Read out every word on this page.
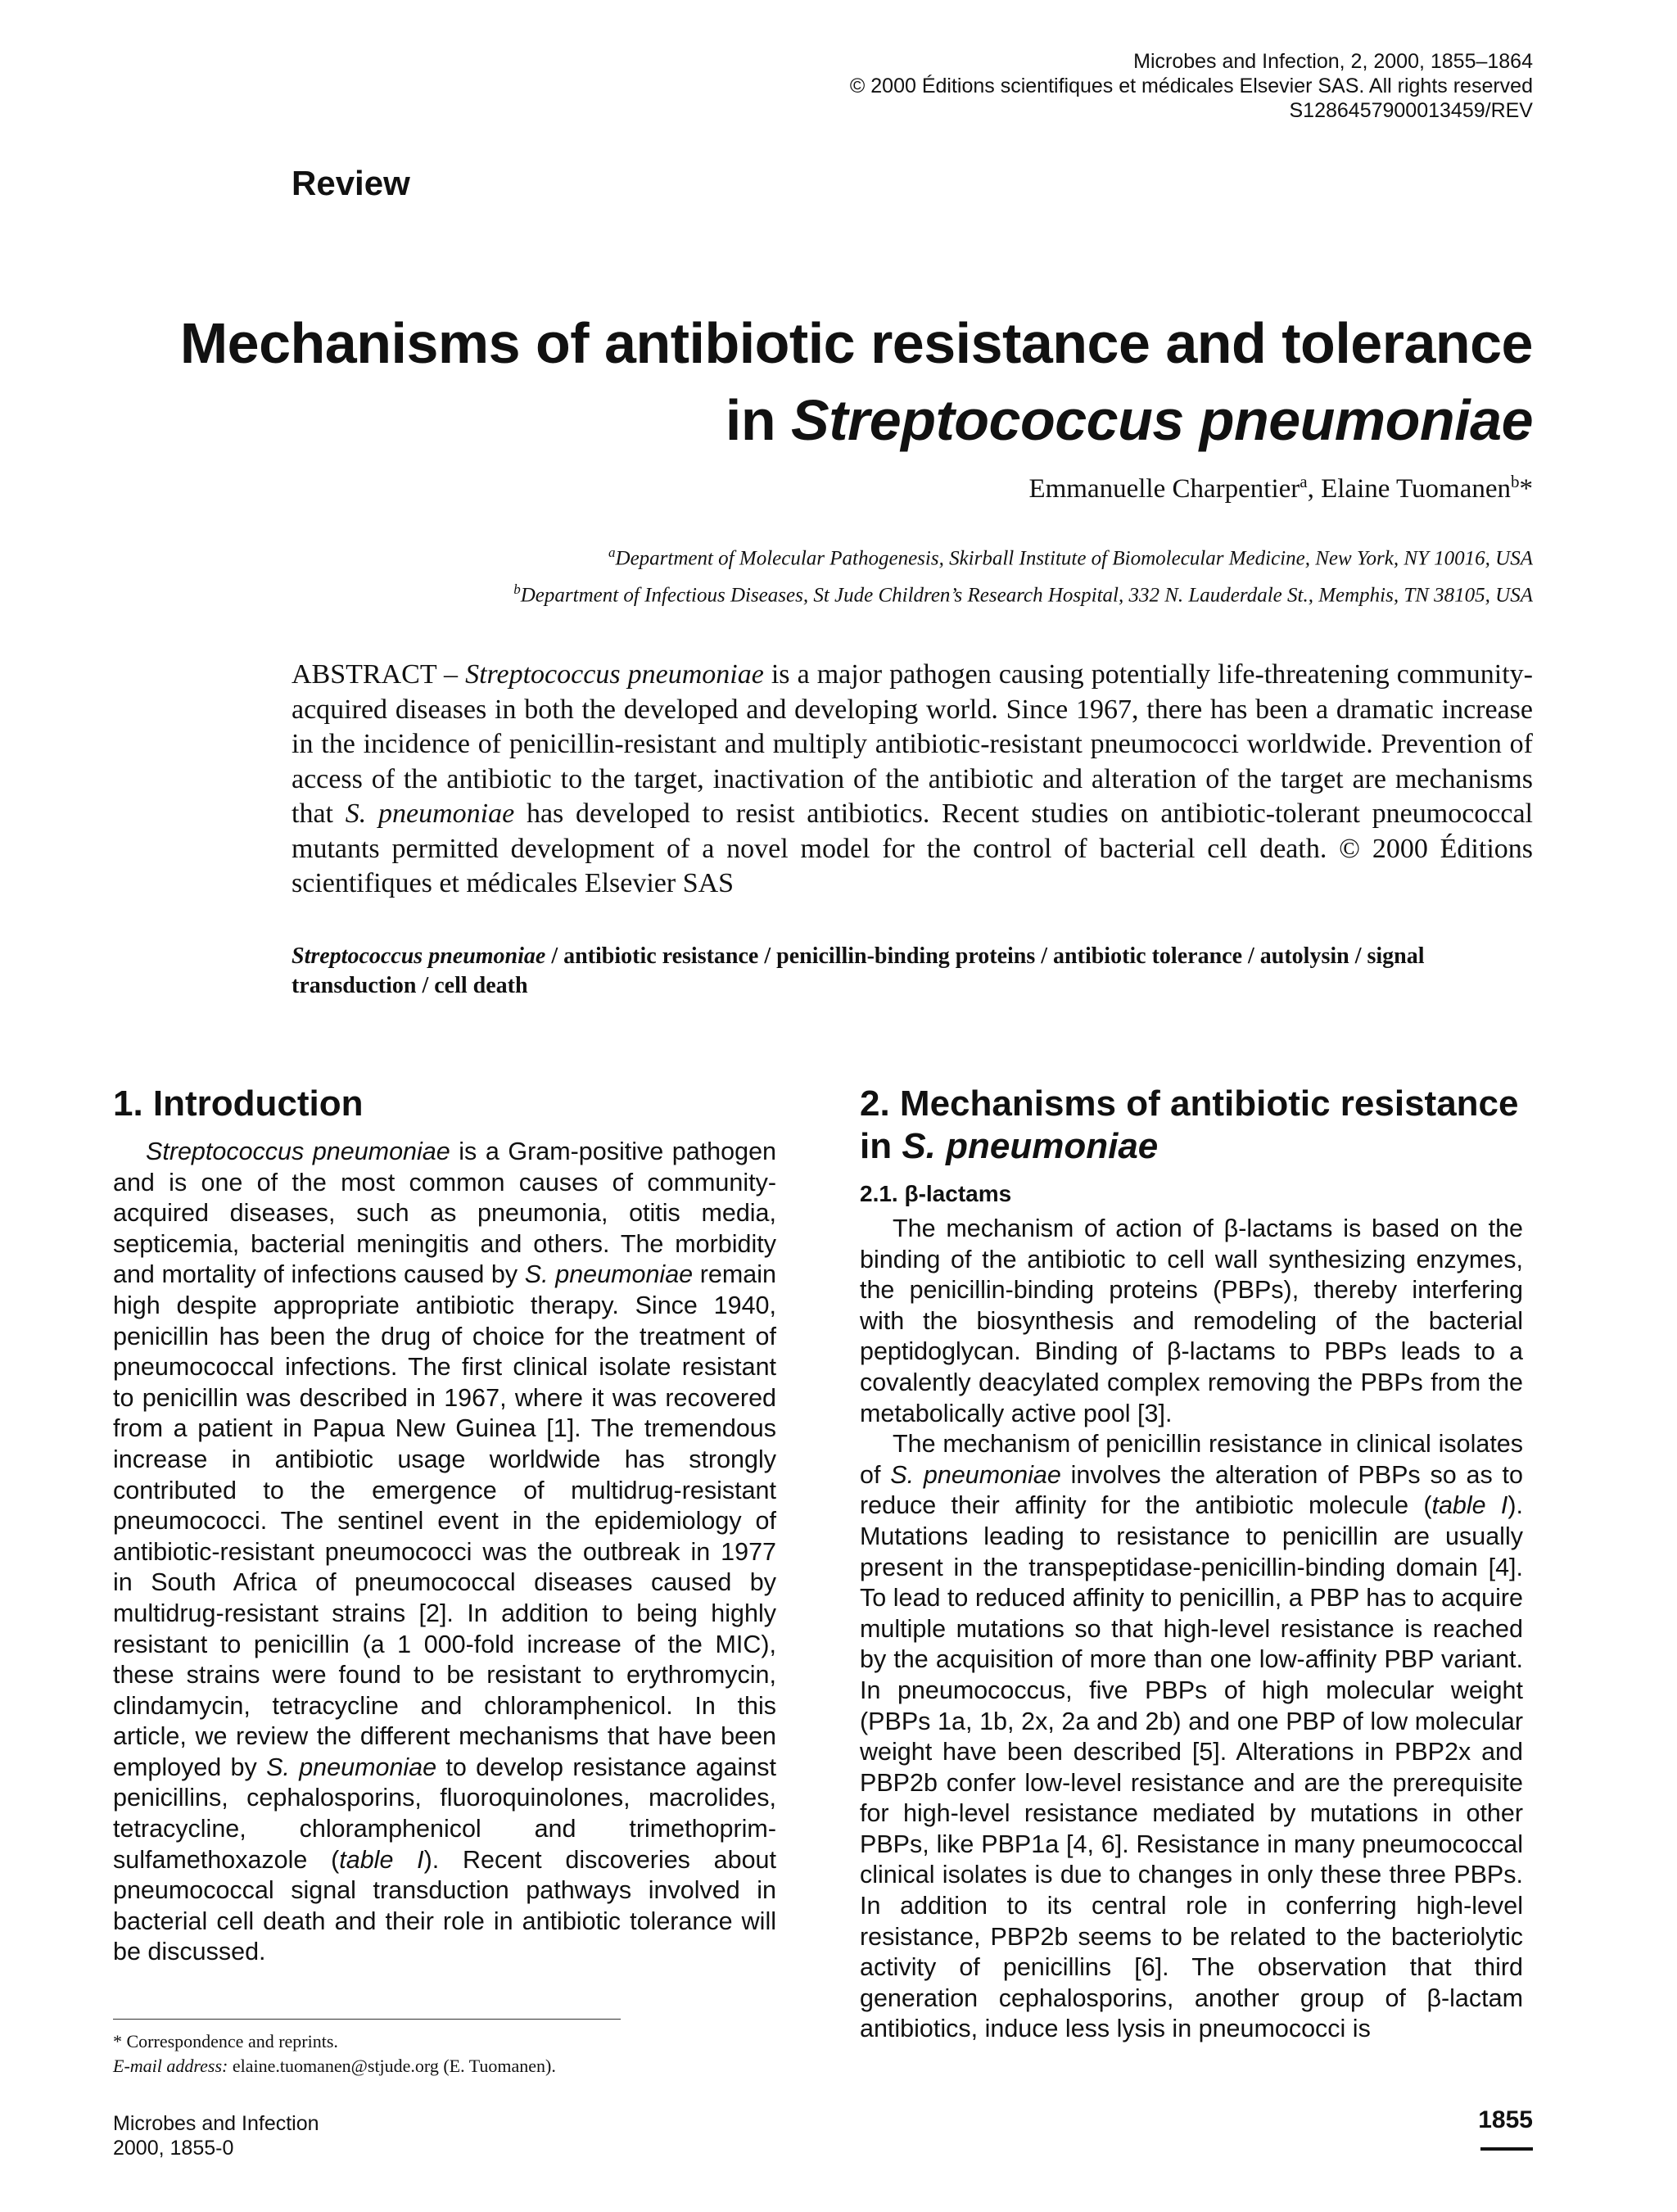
Microbes and Infection, 2, 2000, 1855–1864
© 2000 Éditions scientifiques et médicales Elsevier SAS. All rights reserved
S1286457900013459/REV
Review
Mechanisms of antibiotic resistance and tolerance
in Streptococcus pneumoniae
Emmanuelle Charpentier$^a$, Elaine Tuomanen$^b$*
$^a$Department of Molecular Pathogenesis, Skirball Institute of Biomolecular Medicine, New York, NY 10016, USA
$^b$Department of Infectious Diseases, St Jude Children’s Research Hospital, 332 N. Lauderdale St., Memphis, TN 38105, USA

ABSTRACT – Streptococcus pneumoniae is a major pathogen causing potentially life-threatening community-acquired diseases in both the developed and developing world. Since 1967, there has been a dramatic increase in the incidence of penicillin-resistant and multiply antibiotic-resistant pneumococci worldwide. Prevention of access of the antibiotic to the target, inactivation of the antibiotic and alteration of the target are mechanisms that S. pneumoniae has developed to resist antibiotics. Recent studies on antibiotic-tolerant pneumococcal mutants permitted development of a novel model for the control of bacterial cell death. © 2000 Éditions scientifiques et médicales Elsevier SAS

Streptococcus pneumoniae / antibiotic resistance / penicillin-binding proteins / antibiotic tolerance / autolysin / signal transduction / cell death

1. Introduction

Streptococcus pneumoniae is a Gram-positive pathogen and is one of the most common causes of community-acquired diseases, such as pneumonia, otitis media, septicemia, bacterial meningitis and others. The morbidity and mortality of infections caused by S. pneumoniae remain high despite appropriate antibiotic therapy. Since 1940, penicillin has been the drug of choice for the treatment of pneumococcal infections. The first clinical isolate resistant to penicillin was described in 1967, where it was recovered from a patient in Papua New Guinea [1]. The tremendous increase in antibiotic usage worldwide has strongly contributed to the emergence of multidrug-resistant pneumococci. The sentinel event in the epidemiology of antibiotic-resistant pneumococci was the outbreak in 1977 in South Africa of pneumococcal diseases caused by multidrug-resistant strains [2]. In addition to being highly resistant to penicillin (a 1 000-fold increase of the MIC), these strains were found to be resistant to erythromycin, clindamycin, tetracycline and chloramphenicol. In this article, we review the different mechanisms that have been employed by S. pneumoniae to develop resistance against penicillins, cephalosporins, fluoroquinolones, macrolides, tetracycline, chloramphenicol and trimethoprim-sulfamethoxazole (table I). Recent discoveries about pneumococcal signal transduction pathways involved in bacterial cell death and their role in antibiotic tolerance will be discussed.

2. Mechanisms of antibiotic resistance
in S. pneumoniae
2.1. β-lactams

The mechanism of action of β-lactams is based on the binding of the antibiotic to cell wall synthesizing enzymes, the penicillin-binding proteins (PBPs), thereby interfering with the biosynthesis and remodeling of the bacterial peptidoglycan. Binding of β-lactams to PBPs leads to a covalently deacylated complex removing the PBPs from the metabolically active pool [3].

The mechanism of penicillin resistance in clinical isolates of S. pneumoniae involves the alteration of PBPs so as to reduce their affinity for the antibiotic molecule (table I). Mutations leading to resistance to penicillin are usually present in the transpeptidase-penicillin-binding domain [4]. To lead to reduced affinity to penicillin, a PBP has to acquire multiple mutations so that high-level resistance is reached by the acquisition of more than one low-affinity PBP variant. In pneumococcus, five PBPs of high molecular weight (PBPs 1a, 1b, 2x, 2a and 2b) and one PBP of low molecular weight have been described [5]. Alterations in PBP2x and PBP2b confer low-level resistance and are the prerequisite for high-level resistance mediated by mutations in other PBPs, like PBP1a [4, 6]. Resistance in many pneumococcal clinical isolates is due to changes in only these three PBPs. In addition to its central role in conferring high-level resistance, PBP2b seems to be related to the bacteriolytic activity of penicillins [6]. The observation that third generation cephalosporins, another group of β-lactam antibiotics, induce less lysis in pneumococci is

* Correspondence and reprints.
E-mail address: elaine.tuomanen@stjude.org (E. Tuomanen).
Microbes and Infection
2000, 1855-0
1855
